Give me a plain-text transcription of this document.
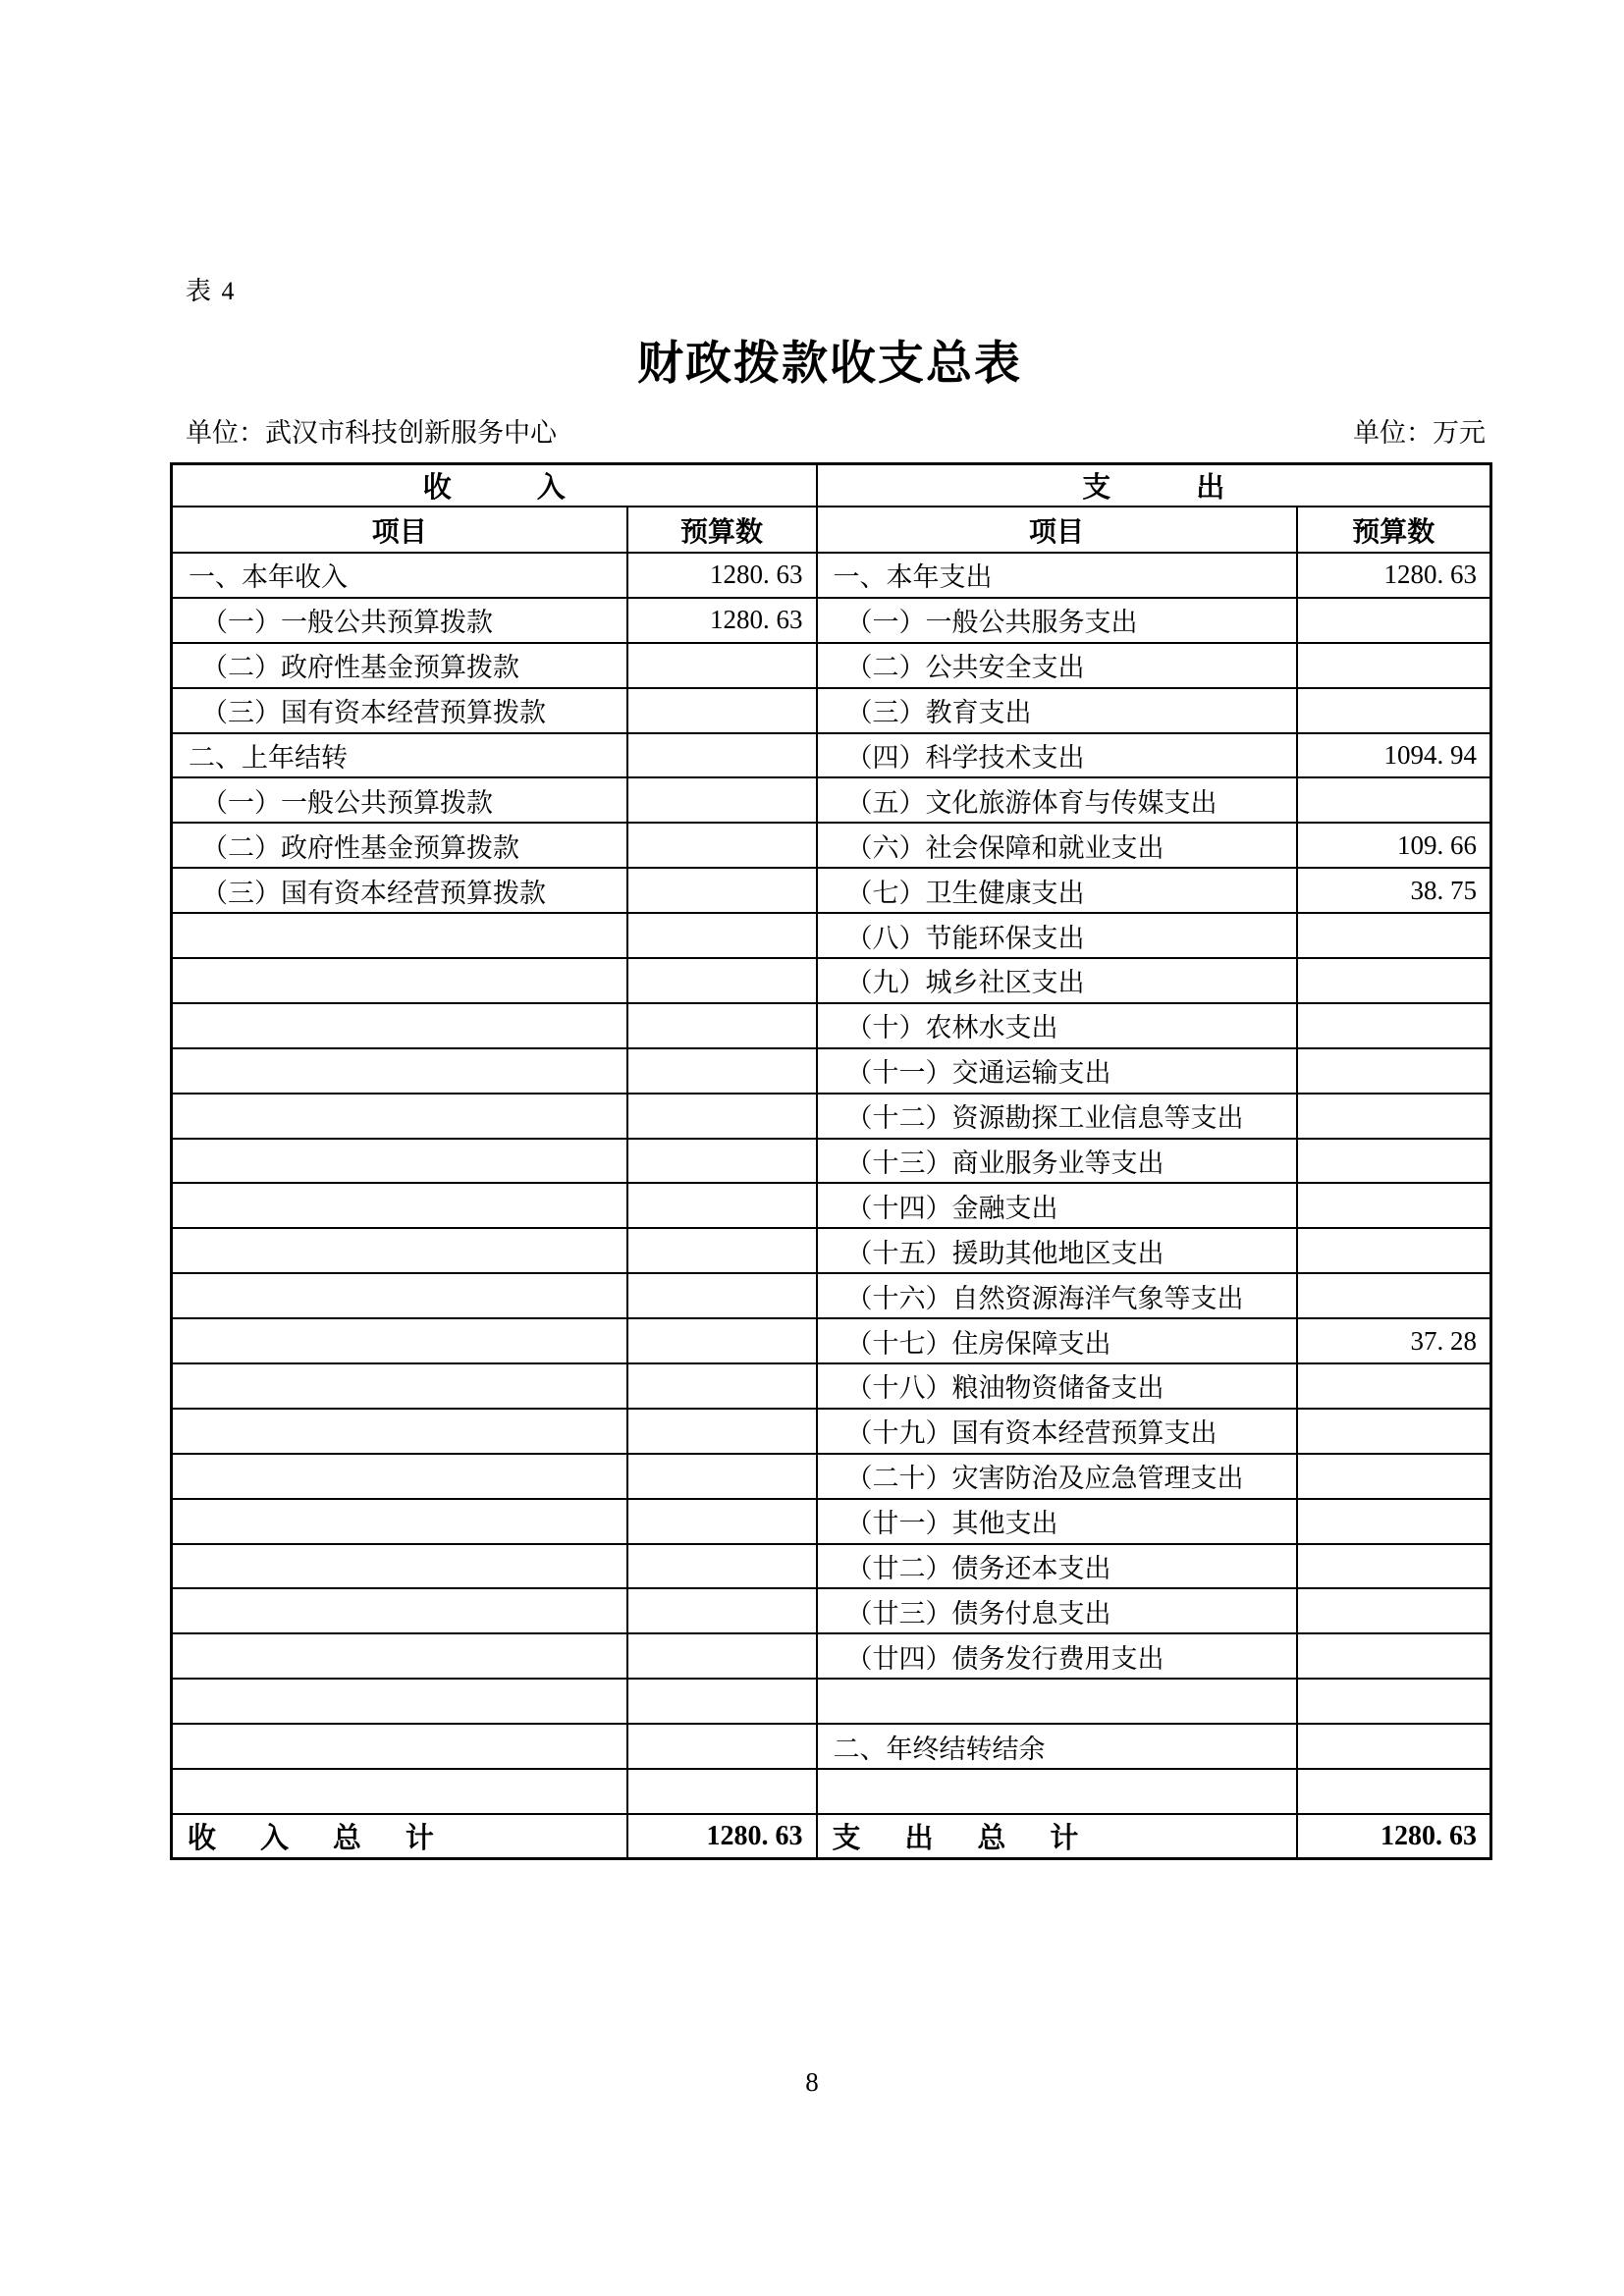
表 4
财政拨款收支总表
单位：武汉市科技创新服务中心	单位：万元
收　　　入		支　　　出	
项目	预算数	项目	预算数
一、本年收入	1280. 63	一、本年支出	1280. 63
（一）一般公共预算拨款	1280. 63	（一）一般公共服务支出	
（二）政府性基金预算拨款		（二）公共安全支出	
（三）国有资本经营预算拨款		（三）教育支出	
二、上年结转		（四）科学技术支出	1094. 94
（一）一般公共预算拨款		（五）文化旅游体育与传媒支出	
（二）政府性基金预算拨款		（六）社会保障和就业支出	109. 66
（三）国有资本经营预算拨款		（七）卫生健康支出	38. 75
		（八）节能环保支出	
		（九）城乡社区支出	
		（十）农林水支出	
		（十一）交通运输支出	
		（十二）资源勘探工业信息等支出	
		（十三）商业服务业等支出	
		（十四）金融支出	
		（十五）援助其他地区支出	
		（十六）自然资源海洋气象等支出	
		（十七）住房保障支出	37. 28
		（十八）粮油物资储备支出	
		（十九）国有资本经营预算支出	
		（二十）灾害防治及应急管理支出	
		（廿一）其他支出	
		（廿二）债务还本支出	
		（廿三）债务付息支出	
		（廿四）债务发行费用支出	

		二、年终结转结余	

收入总计	1280. 63	支出总计	1280. 63
8
